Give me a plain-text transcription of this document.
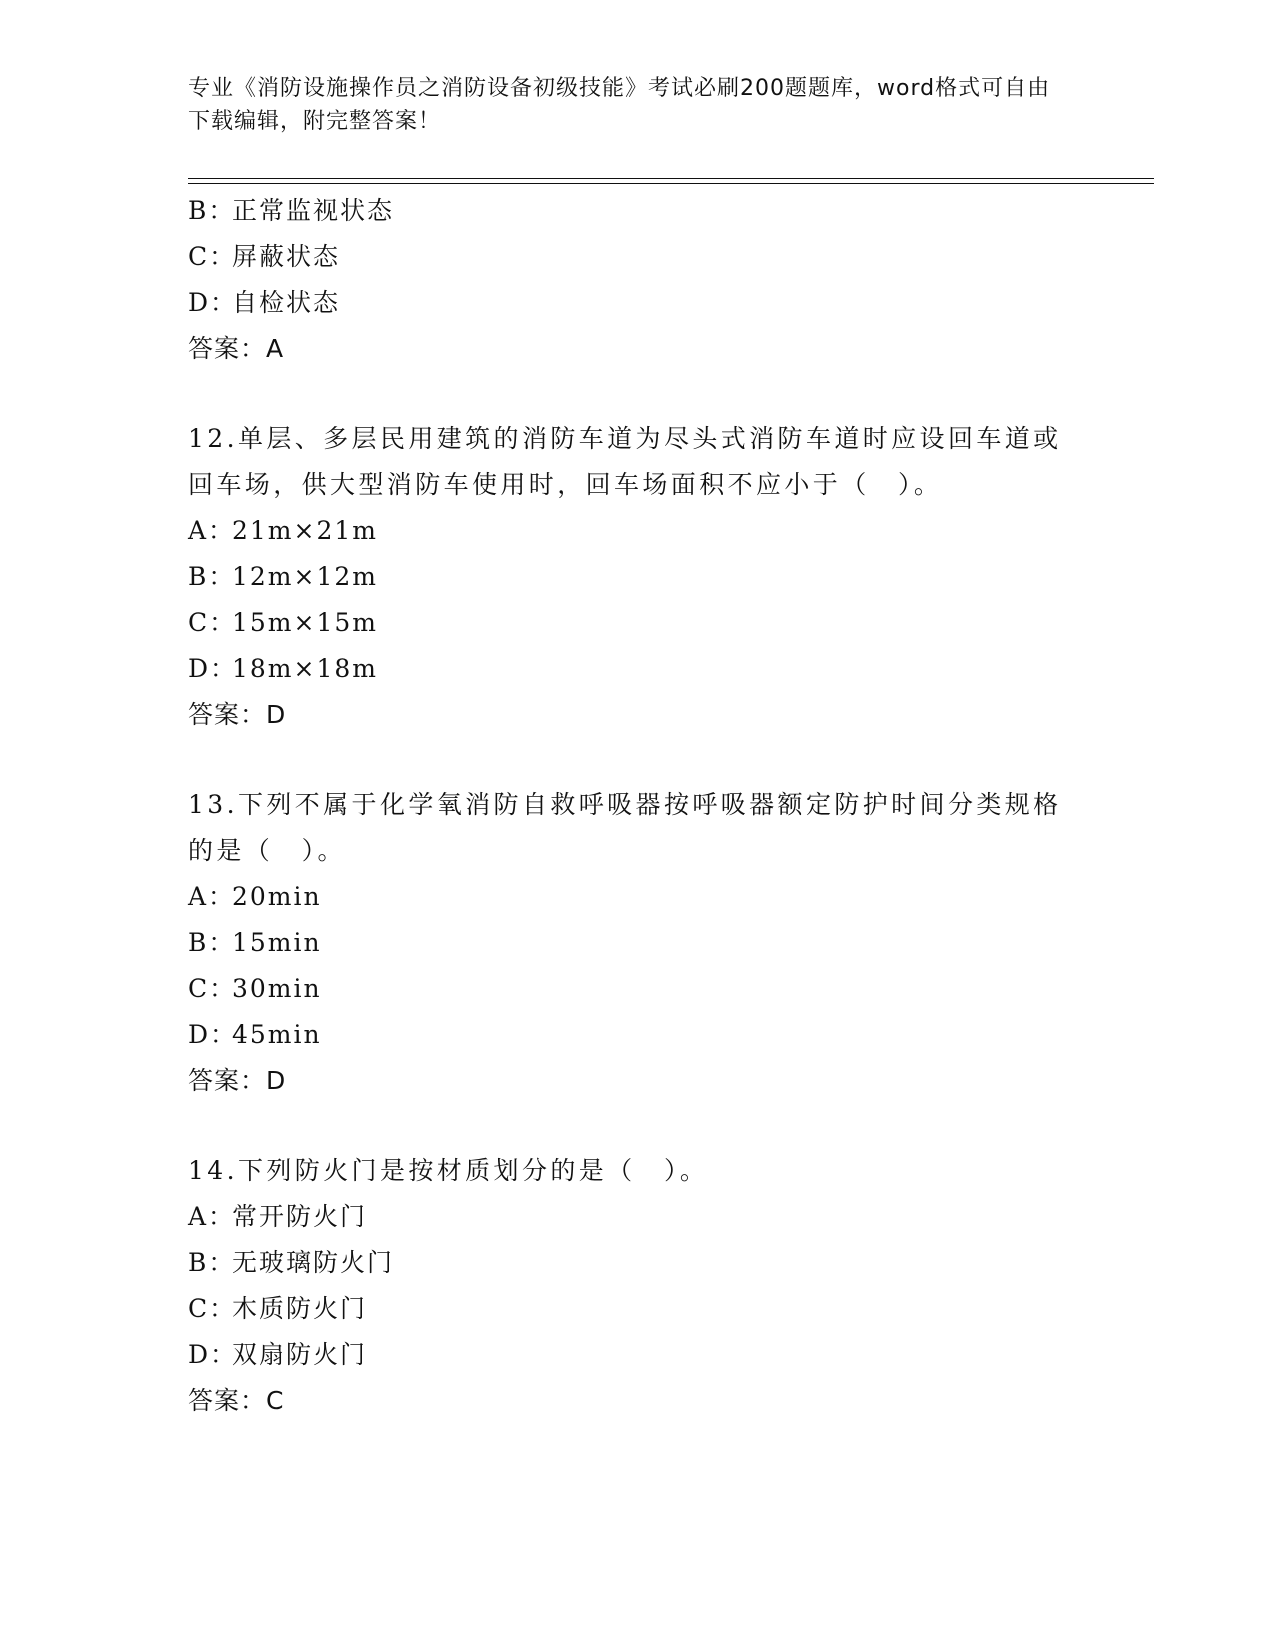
专业《消防设施操作员之消防设备初级技能》考试必刷200题题库，word格式可自由下载编辑，附完整答案！
B：正常监视状态
C：屏蔽状态
D：自检状态
答案：A
12.单层、多层民用建筑的消防车道为尽头式消防车道时应设回车道或回车场，供大型消防车使用时，回车场面积不应小于（　）。
A：21m×21m
B：12m×12m
C：15m×15m
D：18m×18m
答案：D
13.下列不属于化学氧消防自救呼吸器按呼吸器额定防护时间分类规格的是（　）。
A：20min
B：15min
C：30min
D：45min
答案：D
14.下列防火门是按材质划分的是（　）。
A：常开防火门
B：无玻璃防火门
C：木质防火门
D：双扇防火门
答案：C
